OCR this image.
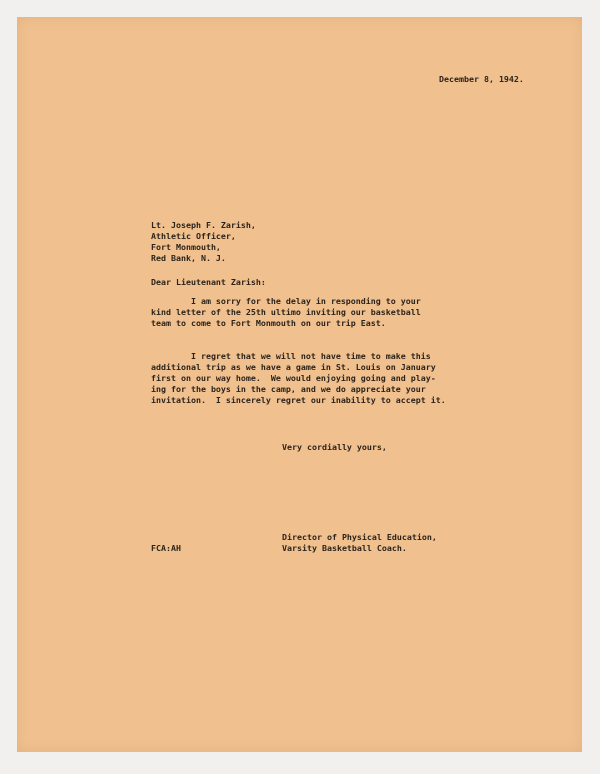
December 8, 1942.
Lt. Joseph F. Zarish,
Athletic Officer,
Fort Monmouth,
Red Bank, N. J.
Dear Lieutenant Zarish:
I am sorry for the delay in responding to your
kind letter of the 25th ultimo inviting our basketball
team to come to Fort Monmouth on our trip East.
I regret that we will not have time to make this
additional trip as we have a game in St. Louis on January
first on our way home.  We would enjoying going and play-
ing for the boys in the camp, and we do appreciate your
invitation.  I sincerely regret our inability to accept it.
Very cordially yours,
Director of Physical Education,
Varsity Basketball Coach.
FCA:AH
